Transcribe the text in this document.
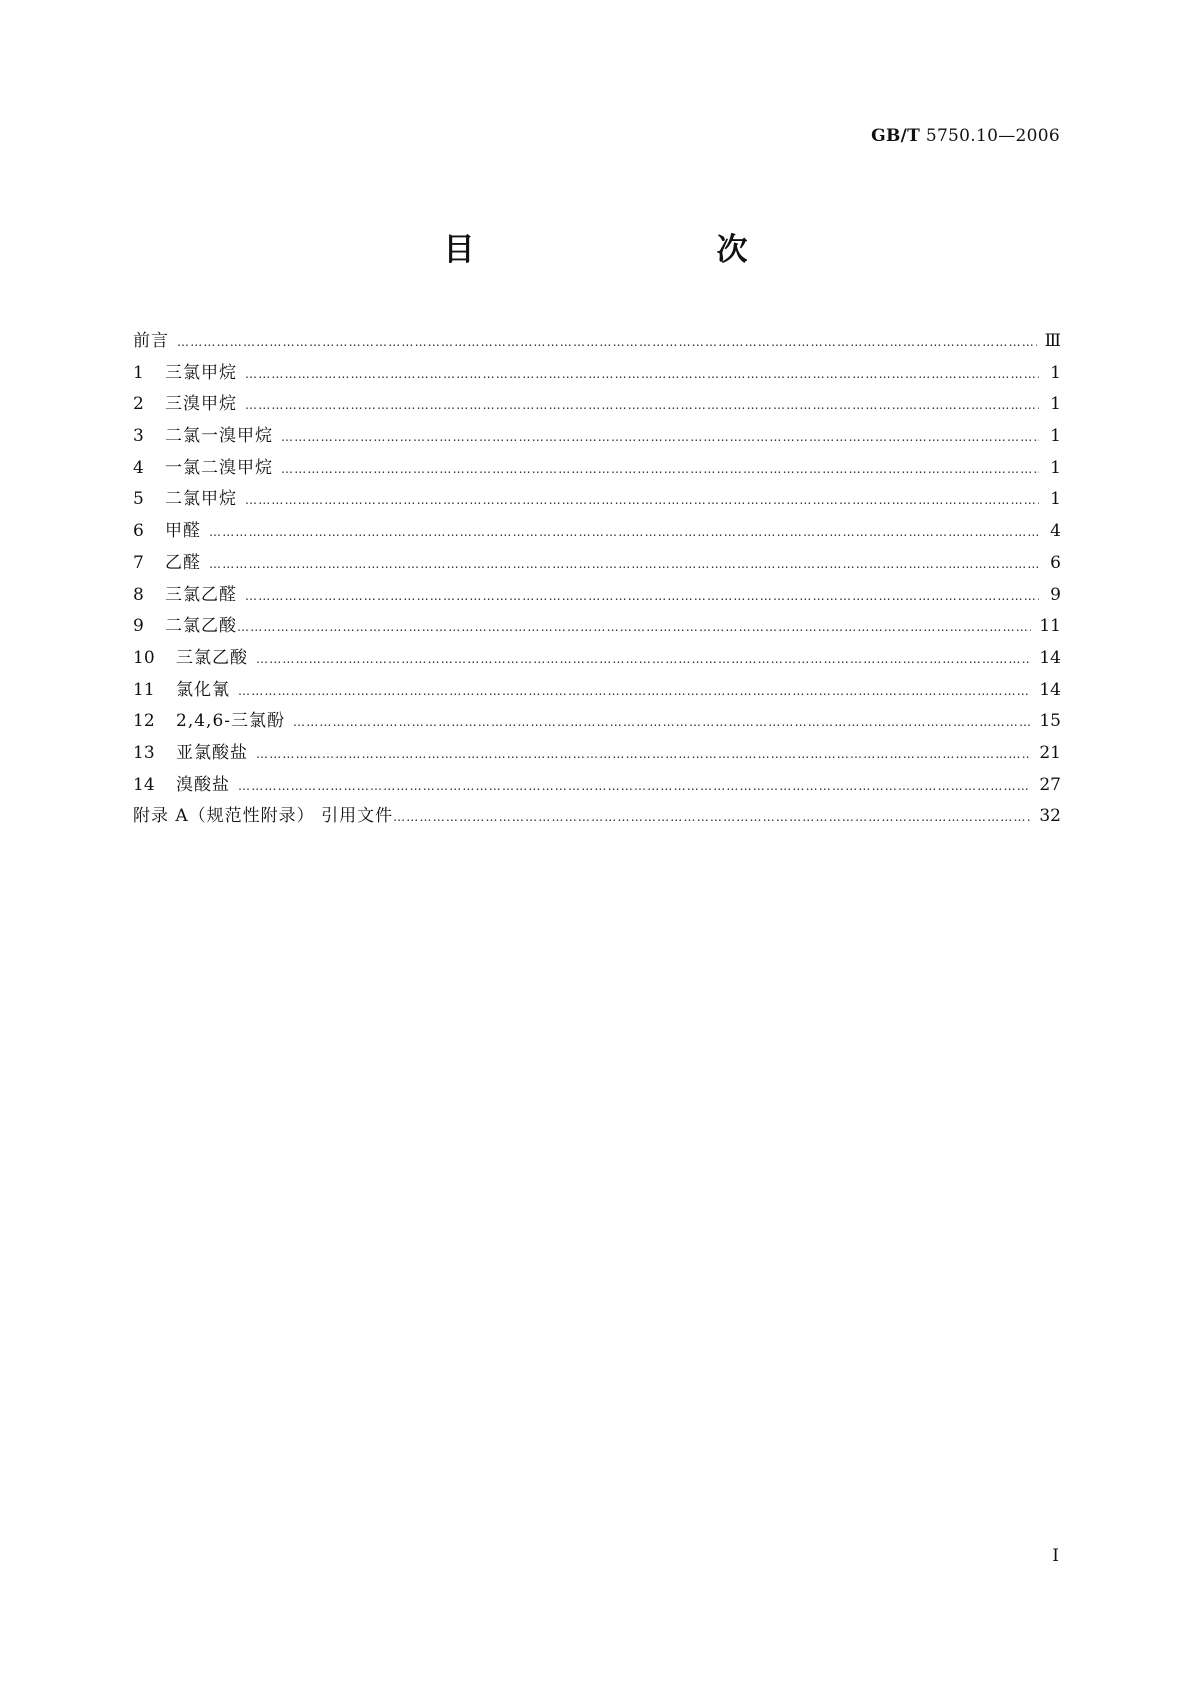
GB/T 5750.10—2006
目　　次
前言 ……………………………………………………………………………………………………………………………………………………………………………………………………………………………………………………	Ⅲ
1	三氯甲烷 ……………………………………………………………………………………………………………………………………………………………………………………………………………………………………………………	1
2	三溴甲烷 ……………………………………………………………………………………………………………………………………………………………………………………………………………………………………………………	1
3	二氯一溴甲烷 ……………………………………………………………………………………………………………………………………………………………………………………………………………………………………………………	1
4	一氯二溴甲烷 ……………………………………………………………………………………………………………………………………………………………………………………………………………………………………………………	1
5	二氯甲烷 ……………………………………………………………………………………………………………………………………………………………………………………………………………………………………………………	1
6	甲醛 ……………………………………………………………………………………………………………………………………………………………………………………………………………………………………………………	4
7	乙醛 ……………………………………………………………………………………………………………………………………………………………………………………………………………………………………………………	6
8	三氯乙醛 ……………………………………………………………………………………………………………………………………………………………………………………………………………………………………………………	9
9	二氯乙酸 ……………………………………………………………………………………………………………………………………………………………………………………………………………………………………………………	11
10	三氯乙酸 ……………………………………………………………………………………………………………………………………………………………………………………………………………………………………………………	14
11	氯化氰 ……………………………………………………………………………………………………………………………………………………………………………………………………………………………………………………	14
12	2,4,6-三氯酚 ……………………………………………………………………………………………………………………………………………………………………………………………………………………………………………………	15
13	亚氯酸盐 ……………………………………………………………………………………………………………………………………………………………………………………………………………………………………………………	21
14	溴酸盐 ……………………………………………………………………………………………………………………………………………………………………………………………………………………………………………………	27
附录 A（规范性附录） 引用文件 ……………………………………………………………………………………………………………………………………………………………………………………………………………………………………………………	32
I
